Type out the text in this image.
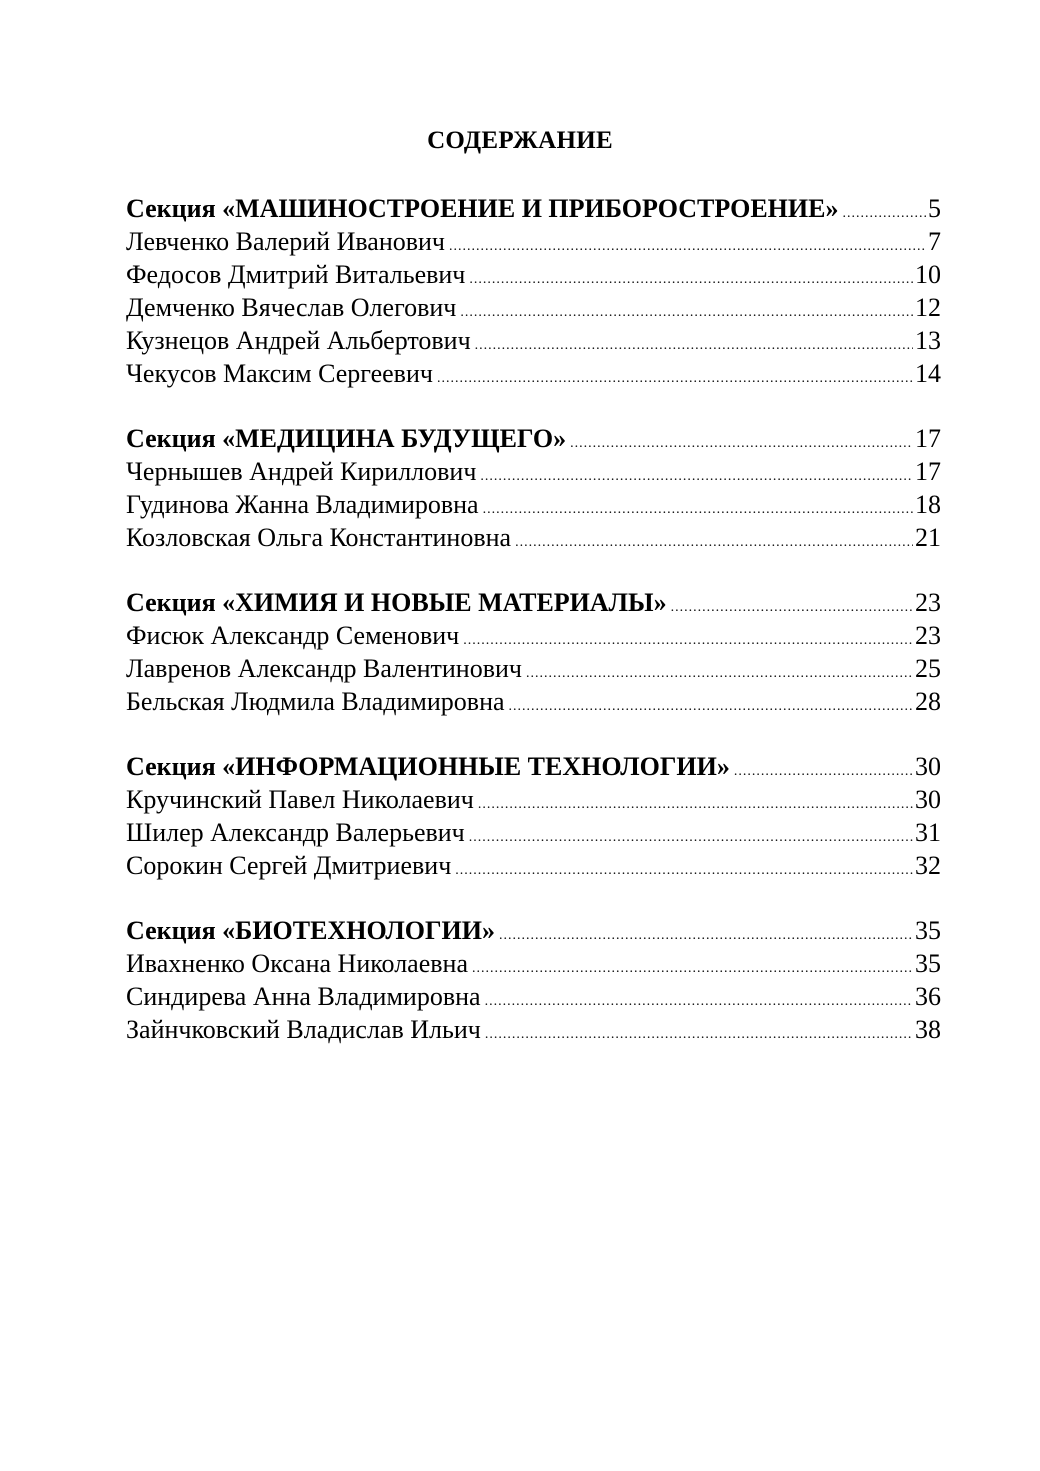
СОДЕРЖАНИЕ
Секция «МАШИНОСТРОЕНИЕ И ПРИБОРОСТРОЕНИЕ» .....	5
Левченко Валерий Иванович .....	7
Федосов Дмитрий Витальевич .....	10
Демченко Вячеслав Олегович .....	12
Кузнецов Андрей Альбертович .....	13
Чекусов Максим Сергеевич .....	14
Секция «МЕДИЦИНА БУДУЩЕГО» .....	17
Чернышев Андрей Кириллович .....	17
Гудинова Жанна Владимировна .....	18
Козловская Ольга Константиновна .....	21
Секция «ХИМИЯ И НОВЫЕ МАТЕРИАЛЫ» .....	23
Фисюк Александр Семенович .....	23
Лавренов Александр Валентинович .....	25
Бельская Людмила Владимировна .....	28
Секция «ИНФОРМАЦИОННЫЕ ТЕХНОЛОГИИ» .....	30
Кручинский Павел Николаевич .....	30
Шилер Александр Валерьевич .....	31
Сорокин Сергей Дмитриевич .....	32
Секция «БИОТЕХНОЛОГИИ» .....	35
Ивахненко Оксана Николаевна .....	35
Синдирева Анна Владимировна .....	36
Зайнчковский Владислав Ильич .....	38
